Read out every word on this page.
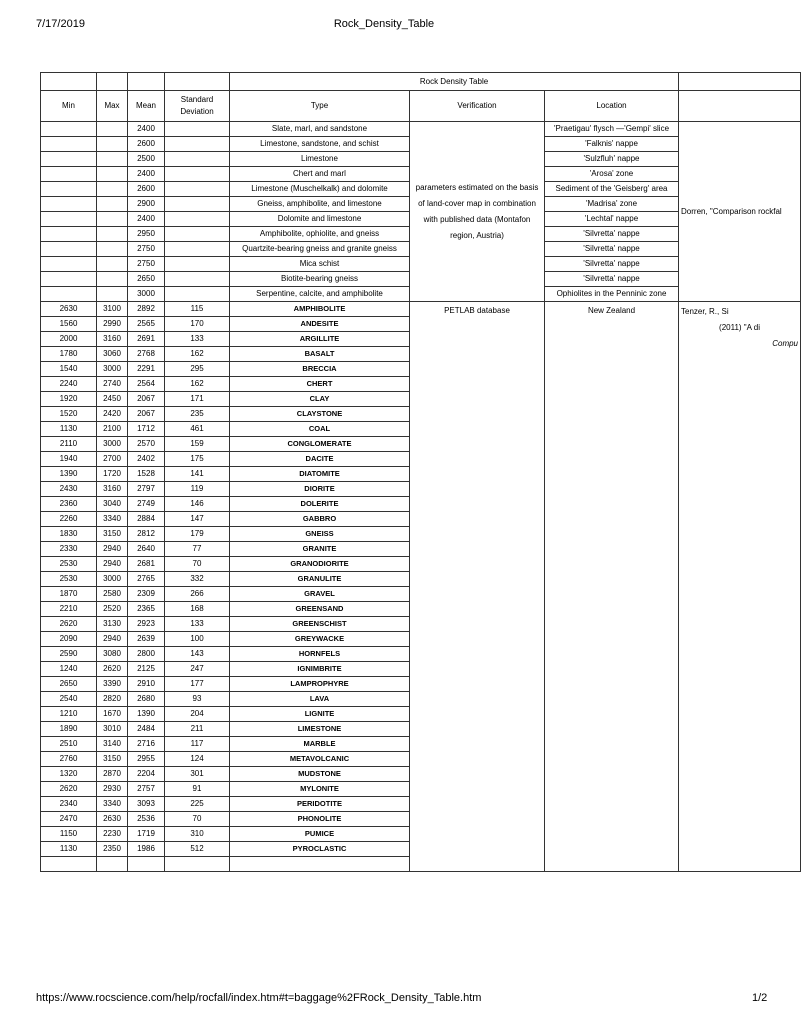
7/17/2019	Rock_Density_Table
				Rock Density Table			
Min	Max	Mean	Standard Deviation	Type	Verification	Location	
		2400		Slate, marl, and sandstone	parameters estimated on the basis of land-cover map in combination with published data (Montafon region, Austria)	'Praetigau' flysch —'Gempi' slice	Dorren, "Comparison rockfal
		2600		Limestone, sandstone, and schist		'Falknis' nappe	
		2500		Limestone		'Sulzfluh' nappe	
		2400		Chert and marl		'Arosa' zone	
		2600		Limestone (Muschelkalk) and dolomite		Sediment of the 'Geisberg' area	
		2900		Gneiss, amphibolite, and limestone		'Madrisa' zone	
		2400		Dolomite and limestone		'Lechtal' nappe	
		2950		Amphibolite, ophiolite, and gneiss		'Silvretta' nappe	
		2750		Quartzite-bearing gneiss and granite gneiss		'Silvretta' nappe	
		2750		Mica schist		'Silvretta' nappe	
		2650		Biotite-bearing gneiss		'Silvretta' nappe	
		3000		Serpentine, calcite, and amphibolite		Ophiolites in the Penninic zone	
2630	3100	2892	115	AMPHIBOLITE	PETLAB database	New Zealand	Tenzer, R., Si
(2011) "A di
Compu

1560	2990	2565	170	ANDESITE			
2000	3160	2691	133	ARGILLITE			
1780	3060	2768	162	BASALT			
1540	3000	2291	295	BRECCIA			
2240	2740	2564	162	CHERT			
1920	2450	2067	171	CLAY			
1520	2420	2067	235	CLAYSTONE			
1130	2100	1712	461	COAL			
2110	3000	2570	159	CONGLOMERATE			
1940	2700	2402	175	DACITE			
1390	1720	1528	141	DIATOMITE			
2430	3160	2797	119	DIORITE			
2360	3040	2749	146	DOLERITE			
2260	3340	2884	147	GABBRO			
1830	3150	2812	179	GNEISS			
2330	2940	2640	77	GRANITE			
2530	2940	2681	70	GRANODIORITE			
2530	3000	2765	332	GRANULITE			
1870	2580	2309	266	GRAVEL			
2210	2520	2365	168	GREENSAND			
2620	3130	2923	133	GREENSCHIST			
2090	2940	2639	100	GREYWACKE			
2590	3080	2800	143	HORNFELS			
1240	2620	2125	247	IGNIMBRITE			
2650	3390	2910	177	LAMPROPHYRE			
2540	2820	2680	93	LAVA			
1210	1670	1390	204	LIGNITE			
1890	3010	2484	211	LIMESTONE			
2510	3140	2716	117	MARBLE			
2760	3150	2955	124	METAVOLCANIC			
1320	2870	2204	301	MUDSTONE			
2620	2930	2757	91	MYLONITE			
2340	3340	3093	225	PERIDOTITE			
2470	2630	2536	70	PHONOLITE			
1150	2230	1719	310	PUMICE			
1130	2350	1986	512	PYROCLASTIC			

https://www.rocscience.com/help/rocfall/index.htm#t=baggage%2FRock_Density_Table.htm	1/2
